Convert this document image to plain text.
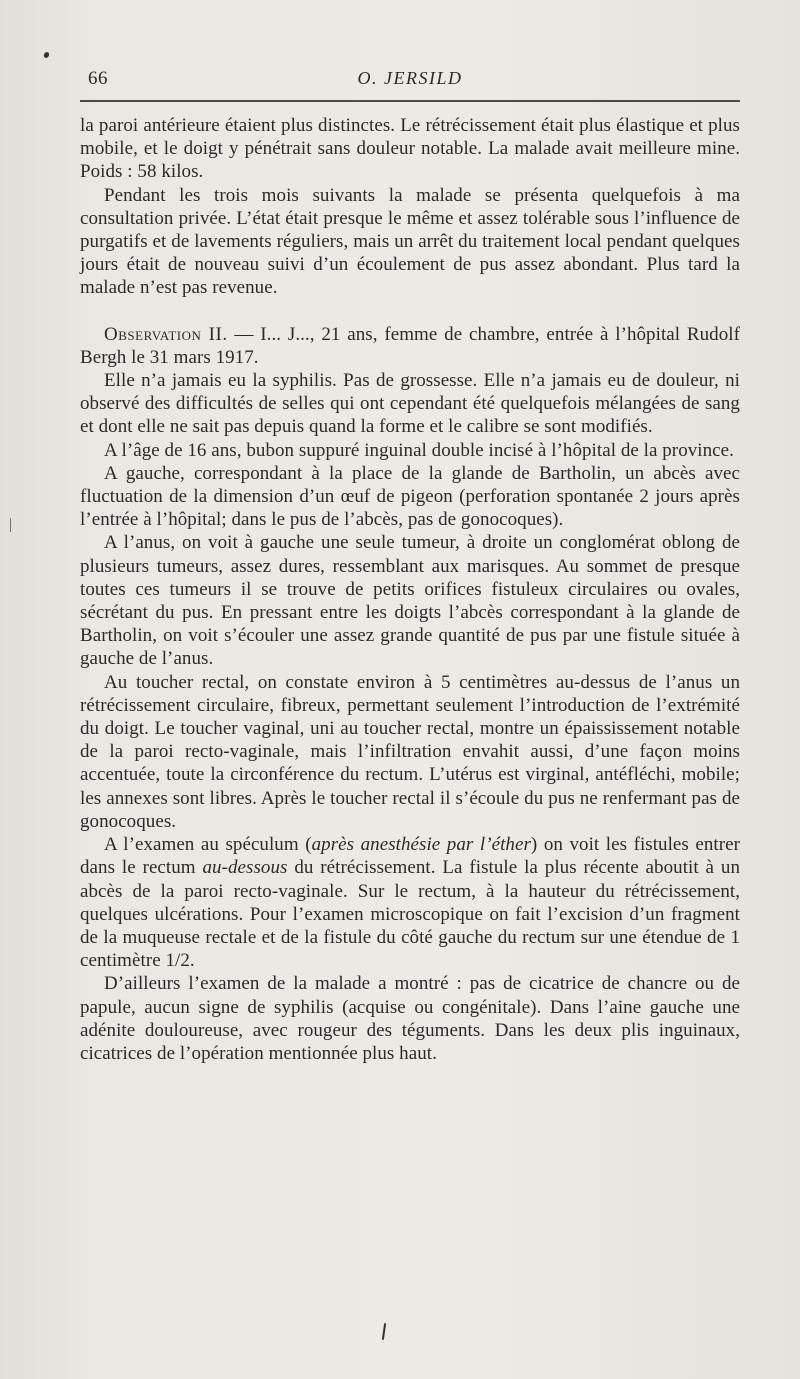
66	O. JERSILD

la paroi antérieure étaient plus distinctes. Le rétrécissement était plus élastique et plus mobile, et le doigt y pénétrait sans douleur notable. La malade avait meilleure mine. Poids : 58 kilos.

Pendant les trois mois suivants la malade se présenta quelquefois à ma consultation privée. L’état était presque le même et assez tolérable sous l’influence de purgatifs et de lavements réguliers, mais un arrêt du traitement local pendant quelques jours était de nouveau suivi d’un écoulement de pus assez abondant. Plus tard la malade n’est pas revenue.

Observation II. — I... J..., 21 ans, femme de chambre, entrée à l’hôpital Rudolf Bergh le 31 mars 1917.

Elle n’a jamais eu la syphilis. Pas de grossesse. Elle n’a jamais eu de douleur, ni observé des difficultés de selles qui ont cependant été quelquefois mélangées de sang et dont elle ne sait pas depuis quand la forme et le calibre se sont modifiés.

A l’âge de 16 ans, bubon suppuré inguinal double incisé à l’hôpital de la province.

A gauche, correspondant à la place de la glande de Bartholin, un abcès avec fluctuation de la dimension d’un œuf de pigeon (perforation spontanée 2 jours après l’entrée à l’hôpital; dans le pus de l’abcès, pas de gonocoques).

A l’anus, on voit à gauche une seule tumeur, à droite un conglomérat oblong de plusieurs tumeurs, assez dures, ressemblant aux marisques. Au sommet de presque toutes ces tumeurs il se trouve de petits orifices fistuleux circulaires ou ovales, sécrétant du pus. En pressant entre les doigts l’abcès correspondant à la glande de Bartholin, on voit s’écouler une assez grande quantité de pus par une fistule située à gauche de l’anus.

Au toucher rectal, on constate environ à 5 centimètres au-dessus de l’anus un rétrécissement circulaire, fibreux, permettant seulement l’introduction de l’extrémité du doigt. Le toucher vaginal, uni au toucher rectal, montre un épaississement notable de la paroi recto-vaginale, mais l’infiltration envahit aussi, d’une façon moins accentuée, toute la circonférence du rectum. L’utérus est virginal, antéfléchi, mobile; les annexes sont libres. Après le toucher rectal il s’écoule du pus ne renfermant pas de gonocoques.

A l’examen au spéculum (après anesthésie par l’éther) on voit les fistules entrer dans le rectum au-dessous du rétrécissement. La fistule la plus récente aboutit à un abcès de la paroi recto-vaginale. Sur le rectum, à la hauteur du rétrécissement, quelques ulcérations. Pour l’examen microscopique on fait l’excision d’un fragment de la muqueuse rectale et de la fistule du côté gauche du rectum sur une étendue de 1 centimètre 1/2.

D’ailleurs l’examen de la malade a montré : pas de cicatrice de chancre ou de papule, aucun signe de syphilis (acquise ou congénitale). Dans l’aine gauche une adénite douloureuse, avec rougeur des téguments. Dans les deux plis inguinaux, cicatrices de l’opération mentionnée plus haut.
